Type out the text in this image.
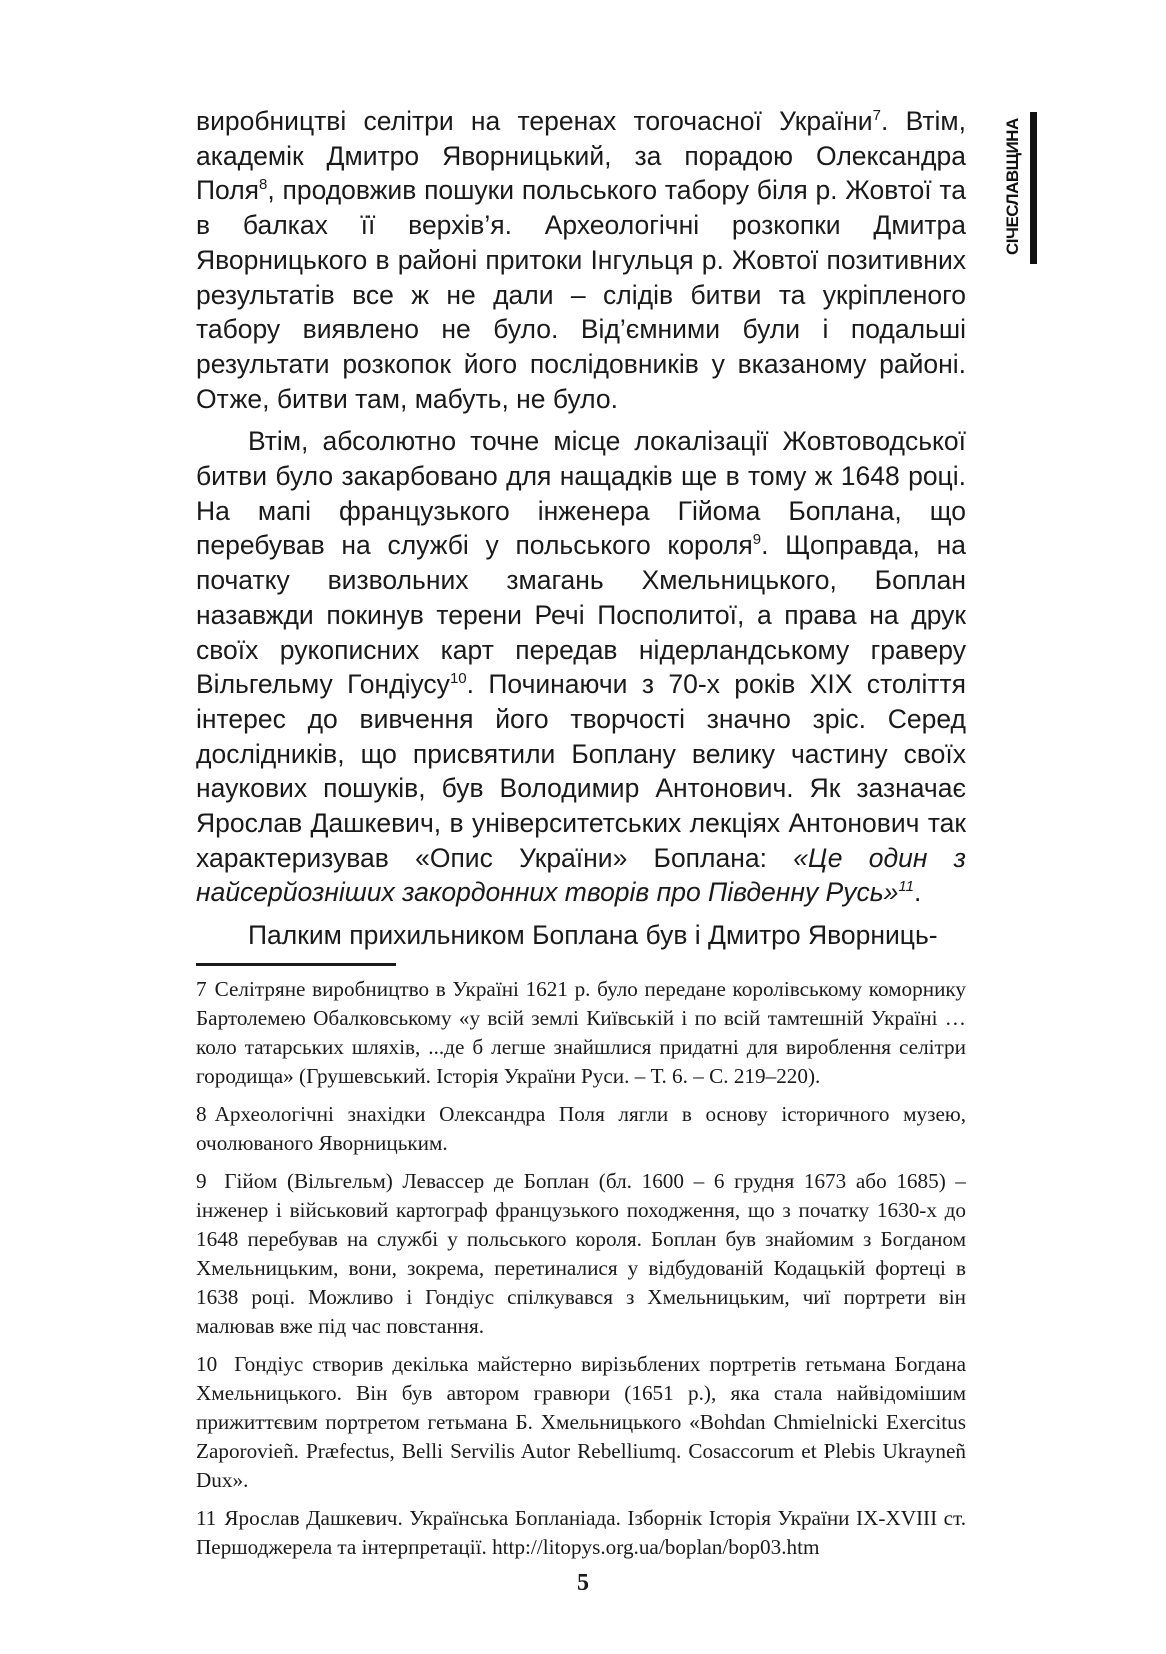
СІЧЕСЛАВЩИНА

виробництві селітри на теренах тогочасної України$^7$. Втім, академік Дмитро Яворницький, за порадою Олександра Поля$^8$, продовжив пошуки польського табору біля р. Жовтої та в балках її верхів’я. Археологічні розкопки Дмитра Яворницького в районі притоки Інгульця р. Жовтої позитивних результатів все ж не дали – слідів битви та укріпленого табору виявлено не було. Від’ємними були і подальші результати розкопок його послідовників у вказаному районі. Отже, битви там, мабуть, не було.

Втім, абсолютно точне місце локалізації Жовтоводської битви було закарбовано для нащадків ще в тому ж 1648 році. На мапі французького інженера Гійома Боплана, що перебував на службі у польського короля$^9$. Щоправда, на початку визвольних змагань Хмельницького, Боплан назавжди покинув терени Речі Посполитої, а права на друк своїх рукописних карт передав нідерландському граверу Вільгельму Гондіусу$^{10}$. Починаючи з 70-х років XIX століття інтерес до вивчення його творчості значно зріс. Серед дослідників, що присвятили Боплану велику частину своїх наукових пошуків, був Володимир Антонович. Як зазначає Ярослав Дашкевич, в університетських лекціях Антонович так характеризував «Опис України» Боплана: «Це один з найсерйозніших закордонних творів про Південну Русь»$^{11}$.

Палким прихильником Боплана був і Дмитро Яворниць-

7 Селітряне виробництво в Україні 1621 р. було передане королівському коморнику Бартолемею Обалковському «у всій землі Київській і по всій тамтешній Україні …коло татарських шляхів, ...де б легше знайшлися придатні для вироблення селітри городища» (Грушевський. Історія України Руси. – Т. 6. – С. 219–220).

8 Археологічні знахідки Олександра Поля лягли в основу історичного музею, очолюваного Яворницьким.

9 Гійом (Вільгельм) Левассер де Боплан (бл. 1600 – 6 грудня 1673 або 1685) – інженер і військовий картограф французького походження, що з початку 1630-х до 1648 перебував на службі у польського короля. Боплан був знайомим з Богданом Хмельницьким, вони, зокрема, перетиналися у відбудованій Кодацькій фортеці в 1638 році. Можливо і Гондіус спілкувався з Хмельницьким, чиї портрети він малював вже під час повстання.

10 Гондіус створив декілька майстерно вирізьблених портретів гетьмана Богдана Хмельницького. Він був автором гравюри (1651 р.), яка стала найвідомішим прижиттєвим портретом гетьмана Б. Хмельницького «Bohdan Chmielnicki Exercitus Zaporovieñ. Præfectus, Belli Servilis Autor Rebelliumq. Cosaccorum et Plebis Ukrayneñ Dux».

11 Ярослав Дашкевич. Українська Бопланіада. Ізборнік Історія України IX-XVIII ст. Першоджерела та інтерпретації. http://litopys.org.ua/boplan/bop03.htm

5
